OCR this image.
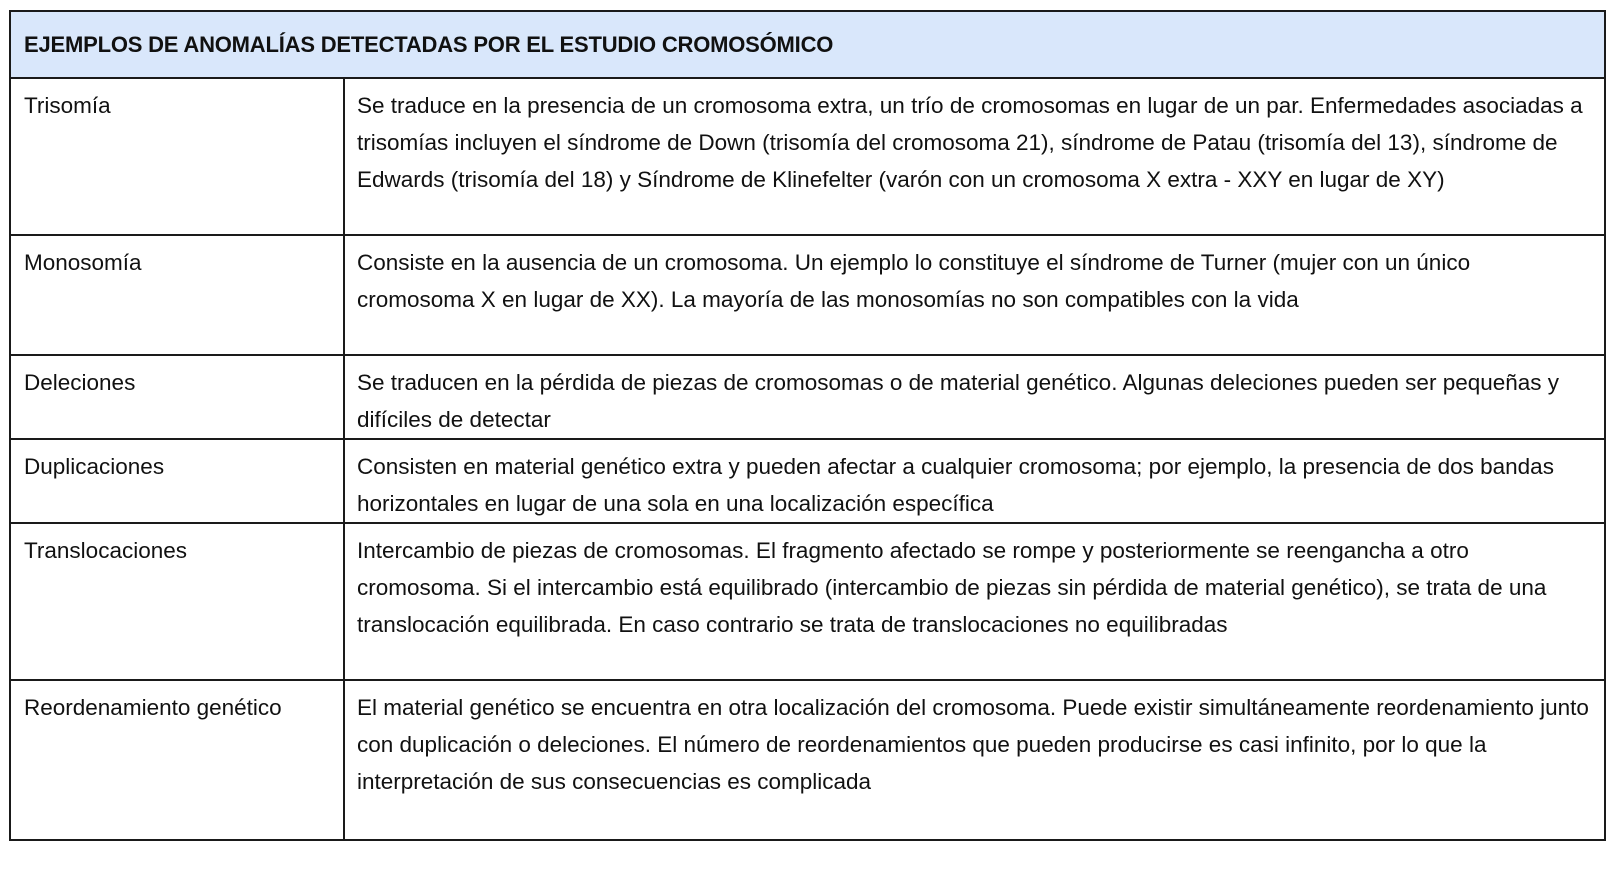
EJEMPLOS DE ANOMALÍAS DETECTADAS POR EL ESTUDIO CROMOSÓMICO
Trisomía	Se traduce en la presencia de un cromosoma extra, un trío de cromosomas en lugar de un par. Enfermedades asociadas a trisomías incluyen el síndrome de Down (trisomía del cromosoma 21), síndrome de Patau (trisomía del 13), síndrome de Edwards (trisomía del 18) y Síndrome de Klinefelter (varón con un cromosoma X extra - XXY en lugar de XY)
Monosomía	Consiste en la ausencia de un cromosoma. Un ejemplo lo constituye el síndrome de Turner (mujer con un único cromosoma X en lugar de XX). La mayoría de las monosomías no son compatibles con la vida
Deleciones	Se traducen en la pérdida de piezas de cromosomas o de material genético. Algunas deleciones pueden ser pequeñas y difíciles de detectar
Duplicaciones	Consisten en material genético extra y pueden afectar a cualquier cromosoma; por ejemplo, la presencia de dos bandas horizontales en lugar de una sola en una localización específica
Translocaciones	Intercambio de piezas de cromosomas. El fragmento afectado se rompe y posteriormente se reengancha a otro cromosoma. Si el intercambio está equilibrado (intercambio de piezas sin pérdida de material genético), se trata de una translocación equilibrada. En caso contrario se trata de translocaciones no equilibradas
Reordenamiento genético	El material genético se encuentra en otra localización del cromosoma. Puede existir simultáneamente reordenamiento junto con duplicación o deleciones. El número de reordenamientos que pueden producirse es casi infinito, por lo que la interpretación de sus consecuencias es complicada
